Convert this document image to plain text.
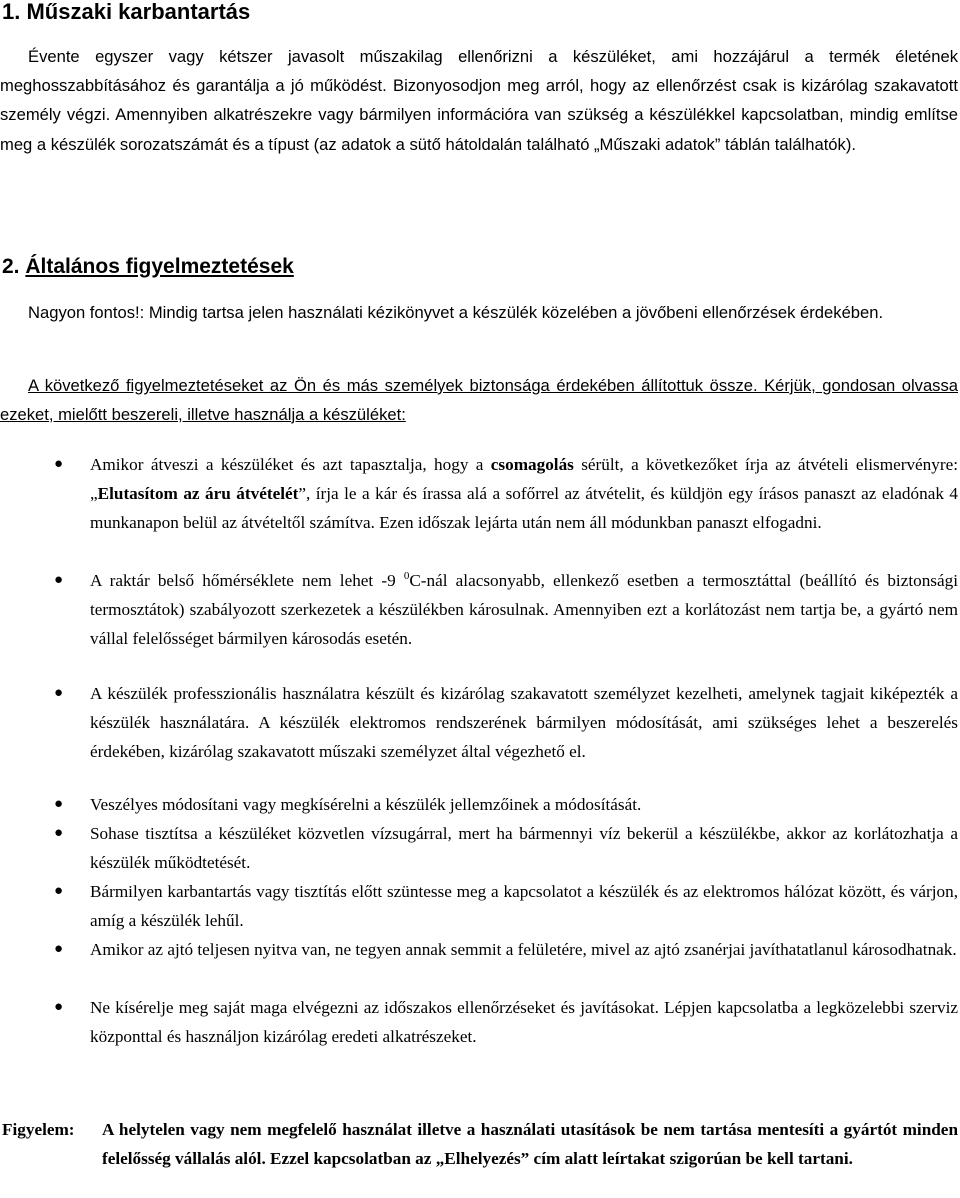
1. Műszaki karbantartás

Évente egyszer vagy kétszer javasolt műszakilag ellenőrizni a készüléket, ami hozzájárul a termék életének meghosszabbításához és garantálja a jó működést. Bizonyosodjon meg arról, hogy az ellenőrzést csak is kizárólag szakavatott személy végzi. Amennyiben alkatrészekre vagy bármilyen információra van szükség a készülékkel kapcsolatban, mindig említse meg a készülék sorozatszámát és a típust (az adatok a sütő hátoldalán található „Műszaki adatok” táblán találhatók).

2. Általános figyelmeztetések

Nagyon fontos!: Mindig tartsa jelen használati kézikönyvet a készülék közelében a jövőbeni ellenőrzések érdekében.

A következő figyelmeztetéseket az Ön és más személyek biztonsága érdekében állítottuk össze. Kérjük, gondosan olvassa ezeket, mielőtt beszereli, illetve használja a készüléket:

● Amikor átveszi a készüléket és azt tapasztalja, hogy a csomagolás sérült, a következőket írja az átvételi elismervényre: „Elutasítom az áru átvételét”, írja le a kár és írassa alá a sofőrrel az átvételit, és küldjön egy írásos panaszt az eladónak 4 munkanapon belül az átvételtől számítva. Ezen időszak lejárta után nem áll módunkban panaszt elfogadni.
● A raktár belső hőmérséklete nem lehet -9 $^0$C-nál alacsonyabb, ellenkező esetben a termosztáttal (beállító és biztonsági termosztátok) szabályozott szerkezetek a készülékben károsulnak. Amennyiben ezt a korlátozást nem tartja be, a gyártó nem vállal felelősséget bármilyen károsodás esetén.
● A készülék professzionális használatra készült és kizárólag szakavatott személyzet kezelheti, amelynek tagjait kiképezték a készülék használatára. A készülék elektromos rendszerének bármilyen módosítását, ami szükséges lehet a beszerelés érdekében, kizárólag szakavatott műszaki személyzet által végezhető el.
● Veszélyes módosítani vagy megkísérelni a készülék jellemzőinek a módosítását.
● Sohase tisztítsa a készüléket közvetlen vízsugárral, mert ha bármennyi víz bekerül a készülékbe, akkor az korlátozhatja a készülék működtetését.
● Bármilyen karbantartás vagy tisztítás előtt szüntesse meg a kapcsolatot a készülék és az elektromos hálózat között, és várjon, amíg a készülék lehűl.
● Amikor az ajtó teljesen nyitva van, ne tegyen annak semmit a felületére, mivel az ajtó zsanérjai javíthatatlanul károsodhatnak.
● Ne kísérelje meg saját maga elvégezni az időszakos ellenőrzéseket és javításokat. Lépjen kapcsolatba a legközelebbi szerviz központtal és használjon kizárólag eredeti alkatrészeket.
Figyelem:	A helytelen vagy nem megfelelő használat illetve a használati utasítások be nem tartása mentesíti a gyártót minden felelősség vállalás alól. Ezzel kapcsolatban az „Elhelyezés” cím alatt leírtakat szigorúan be kell tartani.
